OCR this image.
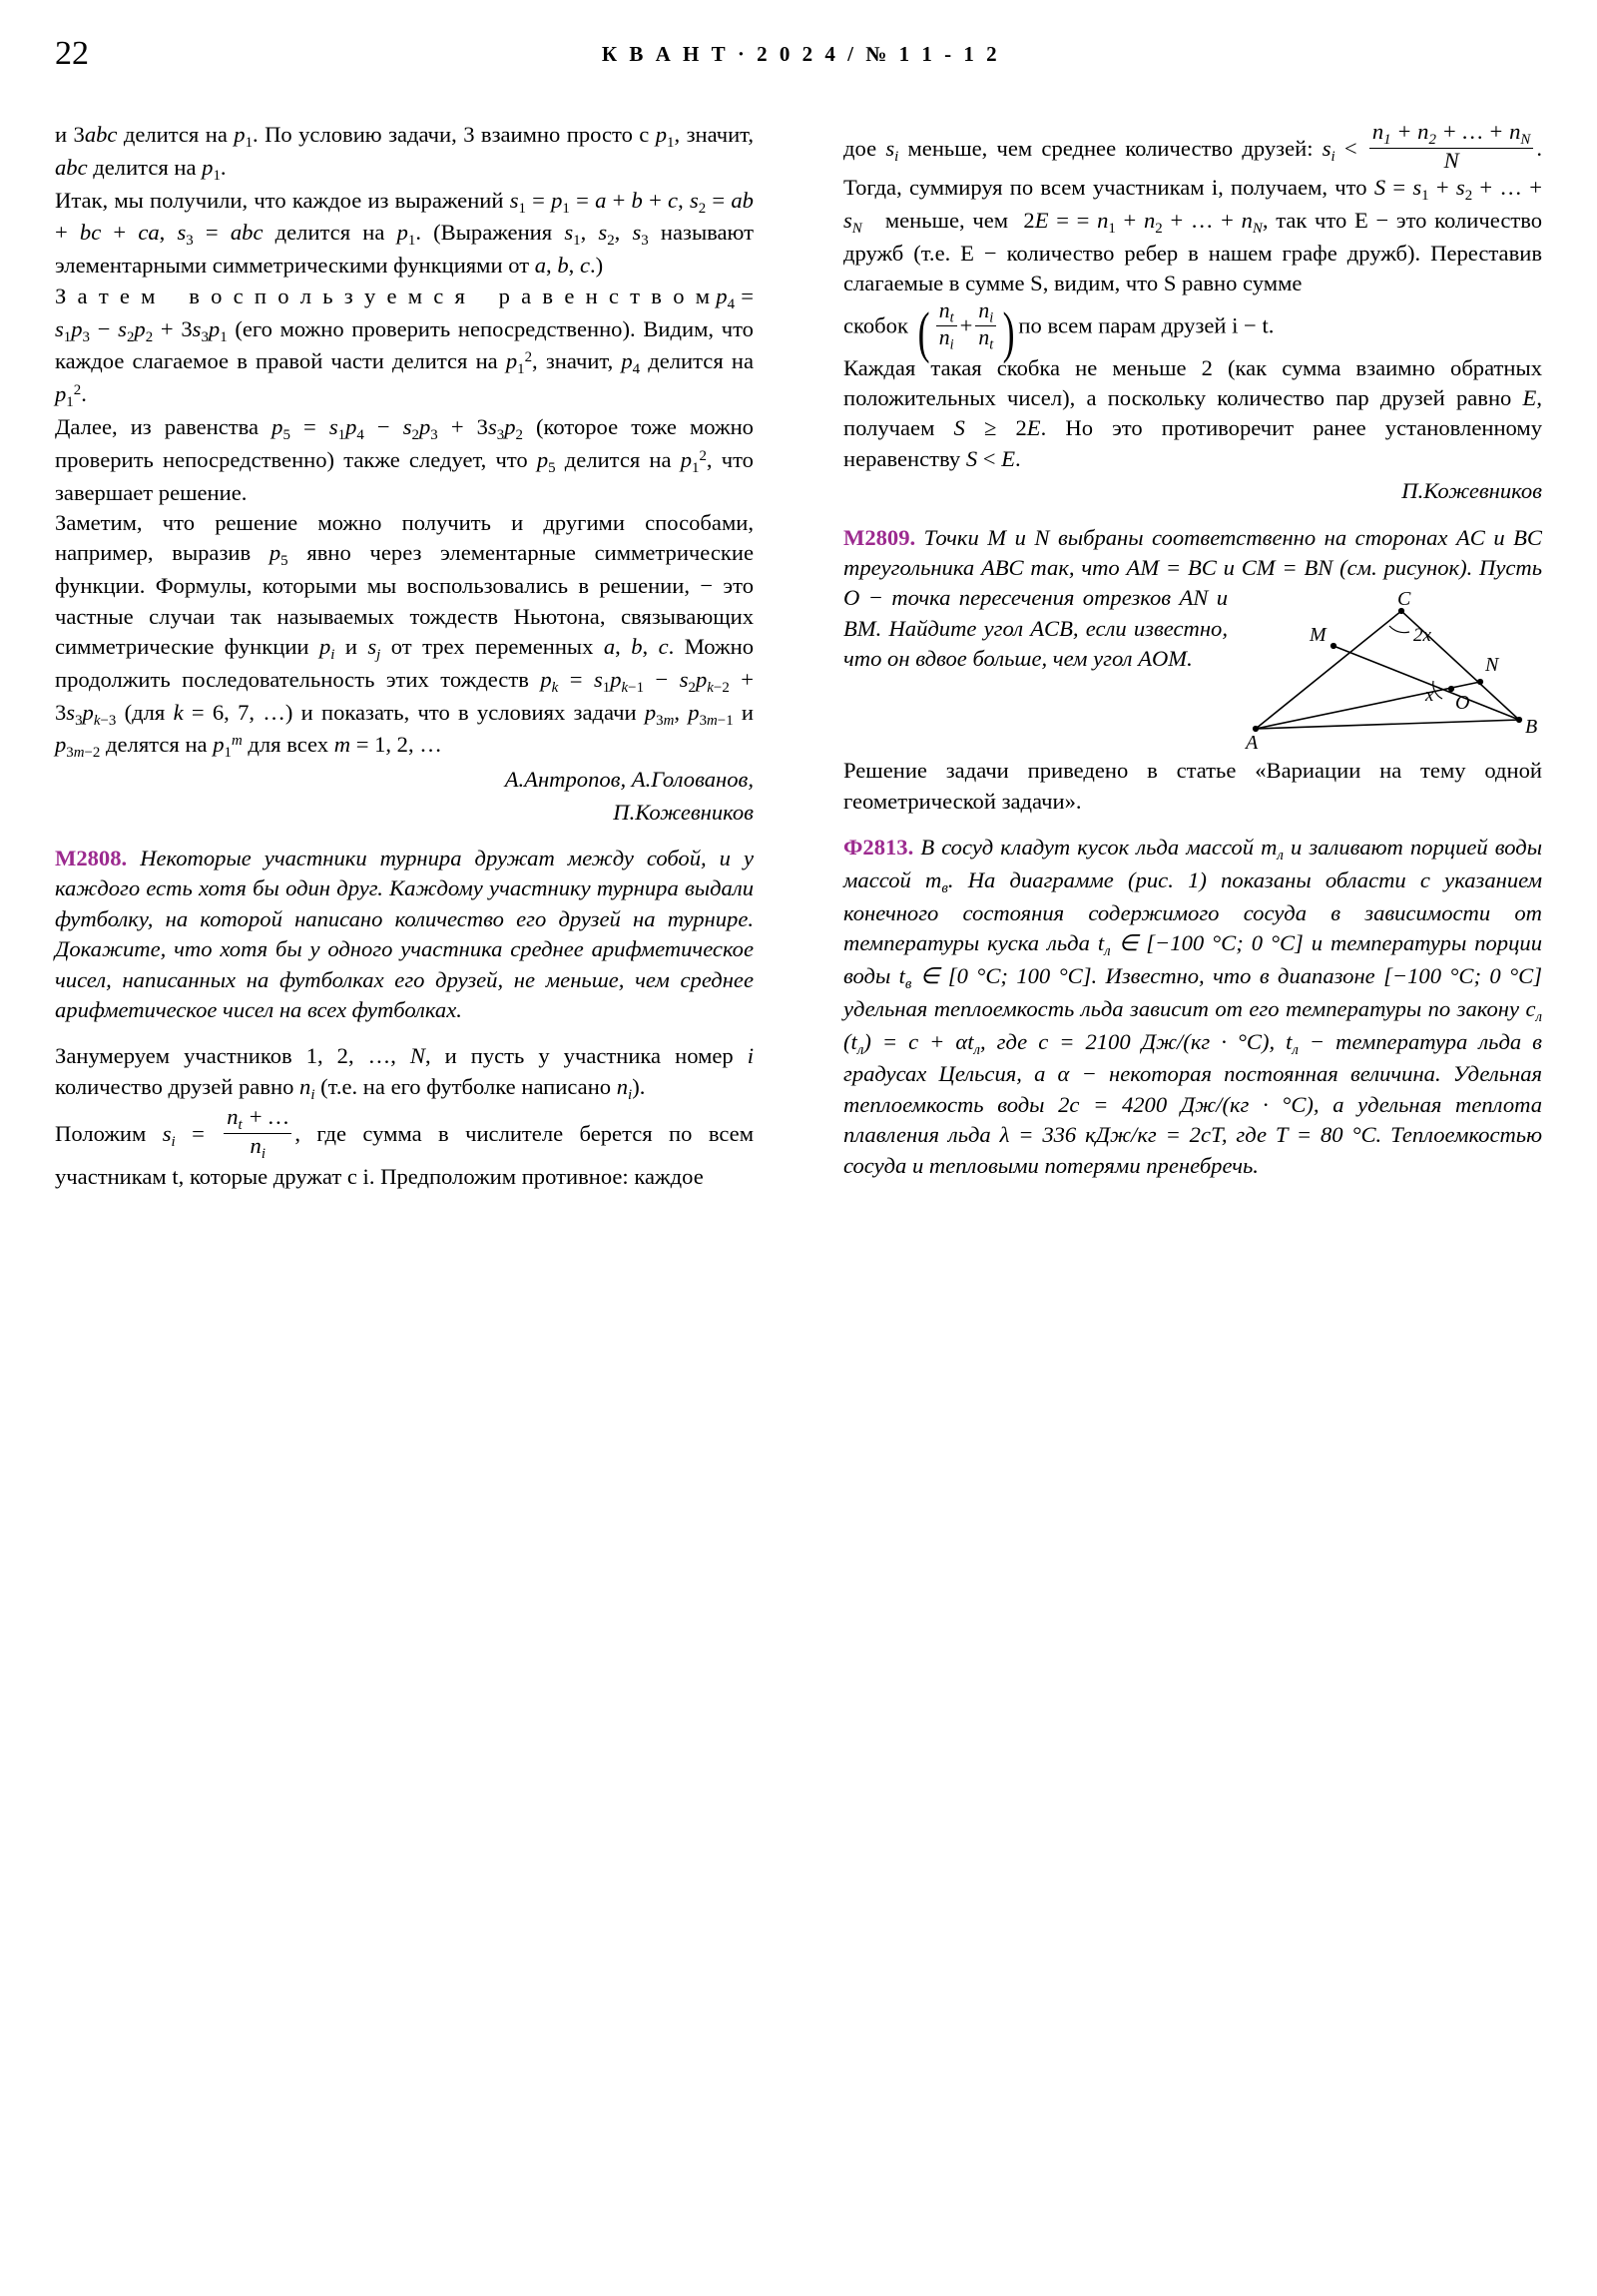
22	К В А Н Т · 2 0 2 4 / № 1 1 - 1 2

и 3abc делится на $p_1$. По условию задачи, 3 взаимно просто с $p_1$, значит, abc делится на $p_1$.

Итак, мы получили, что каждое из выражений $s_1 = p_1 = a + b + c$, $s_2$ = ab + bc + ca, $s_3$ = abc делится на $p_1$. (Выражения $s_1$, $s_2$, $s_3$ называют элементарными симметрическими функциями от a, b, c.)

З а т е м   в о с п о л ь з у е м с я   р а в е н с т в о м $p_4 = s_1p_3 - s_2p_2 + 3s_3p_1$ (его можно проверить непосредственно). Видим, что каждое слагаемое в правой части делится на $p_1^2$, значит, $p_4$ делится на $p_1^2$.

Далее, из равенства $p_5 = s_1p_4 - s_2p_3 + 3s_3p_2$ (которое тоже можно проверить непосредственно) также следует, что $p_5$ делится на $p_1^2$, что завершает решение.

Заметим, что решение можно получить и другими способами, например, выразив $p_5$ явно через элементарные симметрические функции. Формулы, которыми мы воспользовались в решении, − это частные случаи так называемых тождеств Ньютона, связывающих симметрические функции $p_i$ и $s_j$ от трех переменных a, b, c. Можно продолжить последовательность этих тождеств $p_k = s_1p_{k-1} - s_2p_{k-2} + 3s_3p_{k-3}$ (для k = 6, 7, …) и показать, что в условиях задачи $p_{3m}$, $p_{3m-1}$ и $p_{3m-2}$ делятся на $p_1^m$ для всех m = 1, 2, …

А.Антропов, А.Голованов,

П.Кожевников

М2808. Некоторые участники турнира дружат между собой, и у каждого есть хотя бы один друг. Каждому участнику турнира выдали футболку, на которой написано количество его друзей на турнире. Докажите, что хотя бы у одного участника среднее арифметическое чисел, написанных на футболках его друзей, не меньше, чем среднее арифметическое чисел на всех футболках.

Занумеруем участников 1, 2, …, N, и пусть у участника номер i количество друзей равно $n_i$ (т.е. на его футболке написано $n_i$).

Положим $s_i = \frac{n_t + \dots}{n_i}$ , где сумма в числителе берется по всем участникам t, которые дружат с i. Предположим противное: каждое

дое $s_i$ меньше, чем среднее количество друзей: $s_i < \frac{n_1 + n_2 + \dots + n_N}{N}$ . Тогда, суммируя по всем участникам i, получаем, что $S = s_1 + s_2$ + … + $s_N$ меньше, чем  2E = = $n_1 + n_2$ + … + $n_N$, так что E − это количество дружб (т.е. E − количество ребер в нашем графе дружб). Переставив слагаемые в сумме S, видим, что S равно сумме

скобок ( $\frac{n_t}{n_i} + \frac{n_i}{n_t}$ ) по всем парам друзей i − t.

Каждая такая скобка не меньше 2 (как сумма взаимно обратных положительных чисел), а поскольку количество пар друзей равно E, получаем S ≥ 2E. Но это противоречит ранее установленному неравенству S < E.

П.Кожевников

М2809. Точки M и N выбраны соответственно на сторонах AC и BC треугольника ABC так, что AM = BC и CM = BN (см. рисунок). Пусть O − точка пересечения отрезков AN
A
B
C
M
N
O
2x
x
и BM. Найдите угол ACB, если известно, что он вдвое больше, чем угол AOM.

Решение задачи приведено в статье «Вариации на тему одной геометрической задачи».

Ф2813. В сосуд кладут кусок льда массой $m_л$ и заливают порцией воды массой $m_в$. На диаграмме (рис. 1) показаны области с указанием конечного состояния содержимого сосуда в зависимости от температуры куска льда $t_л$ ∈ [−100 °C; 0 °C] и температуры порции воды $t_в$ ∈ [0 °C; 100 °C]. Известно, что в диапазоне [−100 °C; 0 °C] удельная теплоемкость льда зависит от его температуры по закону $c_л$ $(t_л) = c + \alpha t_л$, где c = 2100 Дж/(кг · °C), $t_л$ − температура льда в градусах Цельсия, а α − некоторая постоянная величина. Удельная теплоемкость воды 2c = 4200 Дж/(кг · °C), а удельная теплота плавления льда λ = 336 кДж/кг = 2cT, где T = 80 °C. Теплоемкостью сосуда и тепловыми потерями пренебречь.
